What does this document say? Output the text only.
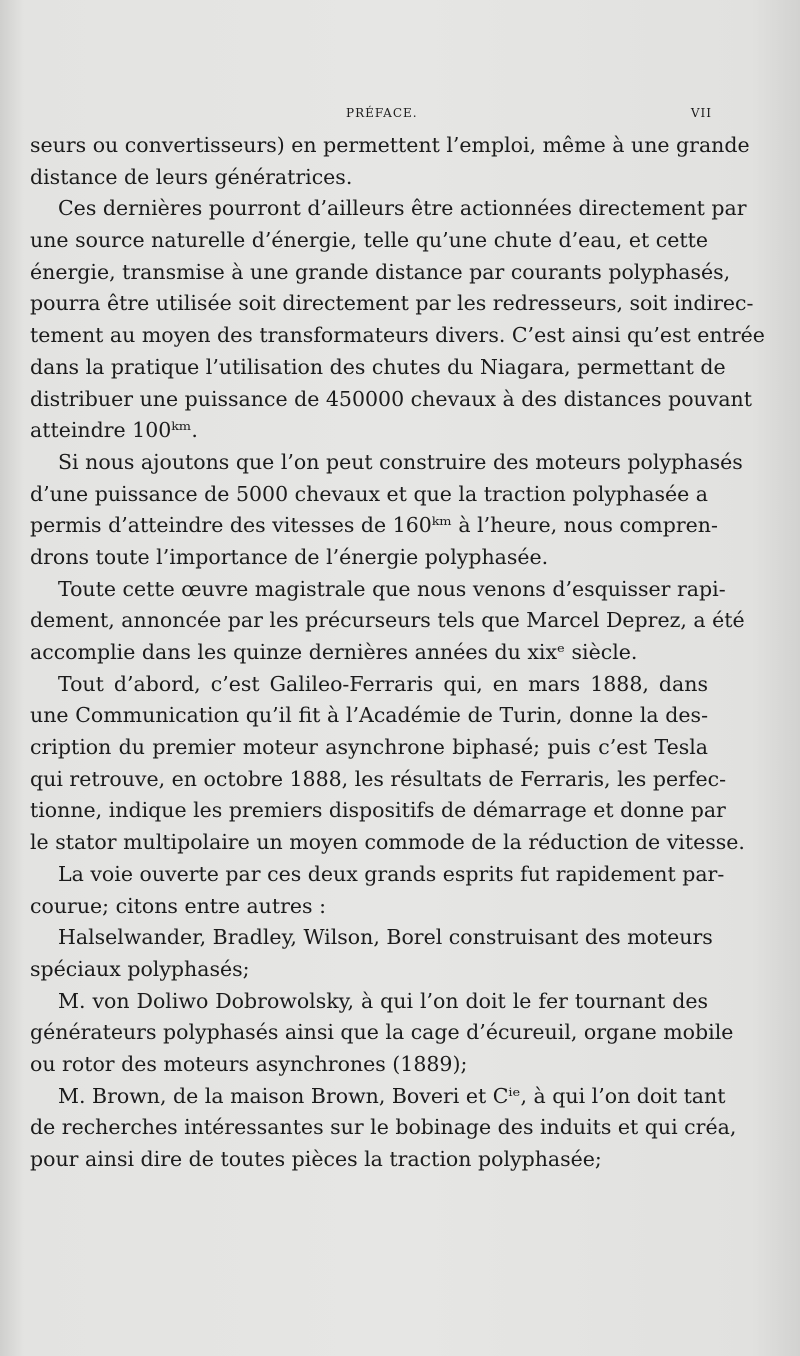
PRÉFACE.	VII
seurs ou convertisseurs) en permettent l’emploi, même à une grande
distance de leurs génératrices.
Ces dernières pourront d’ailleurs être actionnées directement par
une source naturelle d’énergie, telle qu’une chute d’eau, et cette
énergie, transmise à une grande distance par courants polyphasés,
pourra être utilisée soit directement par les redresseurs, soit indirec-
tement au moyen des transformateurs divers. C’est ainsi qu’est entrée
dans la pratique l’utilisation des chutes du Niagara, permettant de
distribuer une puissance de 450000 chevaux à des distances pouvant
atteindre 100ᵏᵐ.
Si nous ajoutons que l’on peut construire des moteurs polyphasés
d’une puissance de 5000 chevaux et que la traction polyphasée a
permis d’atteindre des vitesses de 160ᵏᵐ à l’heure, nous compren-
drons toute l’importance de l’énergie polyphasée.
Toute cette œuvre magistrale que nous venons d’esquisser rapi-
dement, annoncée par les précurseurs tels que Marcel Deprez, a été
accomplie dans les quinze dernières années du xixᵉ siècle.
Tout d’abord, c’est Galileo-Ferraris qui, en mars 1888, dans
une Communication qu’il fit à l’Académie de Turin, donne la des-
cription du premier moteur asynchrone biphasé; puis c’est Tesla
qui retrouve, en octobre 1888, les résultats de Ferraris, les perfec-
tionne, indique les premiers dispositifs de démarrage et donne par
le stator multipolaire un moyen commode de la réduction de vitesse.
La voie ouverte par ces deux grands esprits fut rapidement par-
courue; citons entre autres :
Halselwander, Bradley, Wilson, Borel construisant des moteurs
spéciaux polyphasés;
M. von Doliwo Dobrowolsky, à qui l’on doit le fer tournant des
générateurs polyphasés ainsi que la cage d’écureuil, organe mobile
ou rotor des moteurs asynchrones (1889);
M. Brown, de la maison Brown, Boveri et Cⁱᵉ, à qui l’on doit tant
de recherches intéressantes sur le bobinage des induits et qui créa,
pour ainsi dire de toutes pièces la traction polyphasée;
